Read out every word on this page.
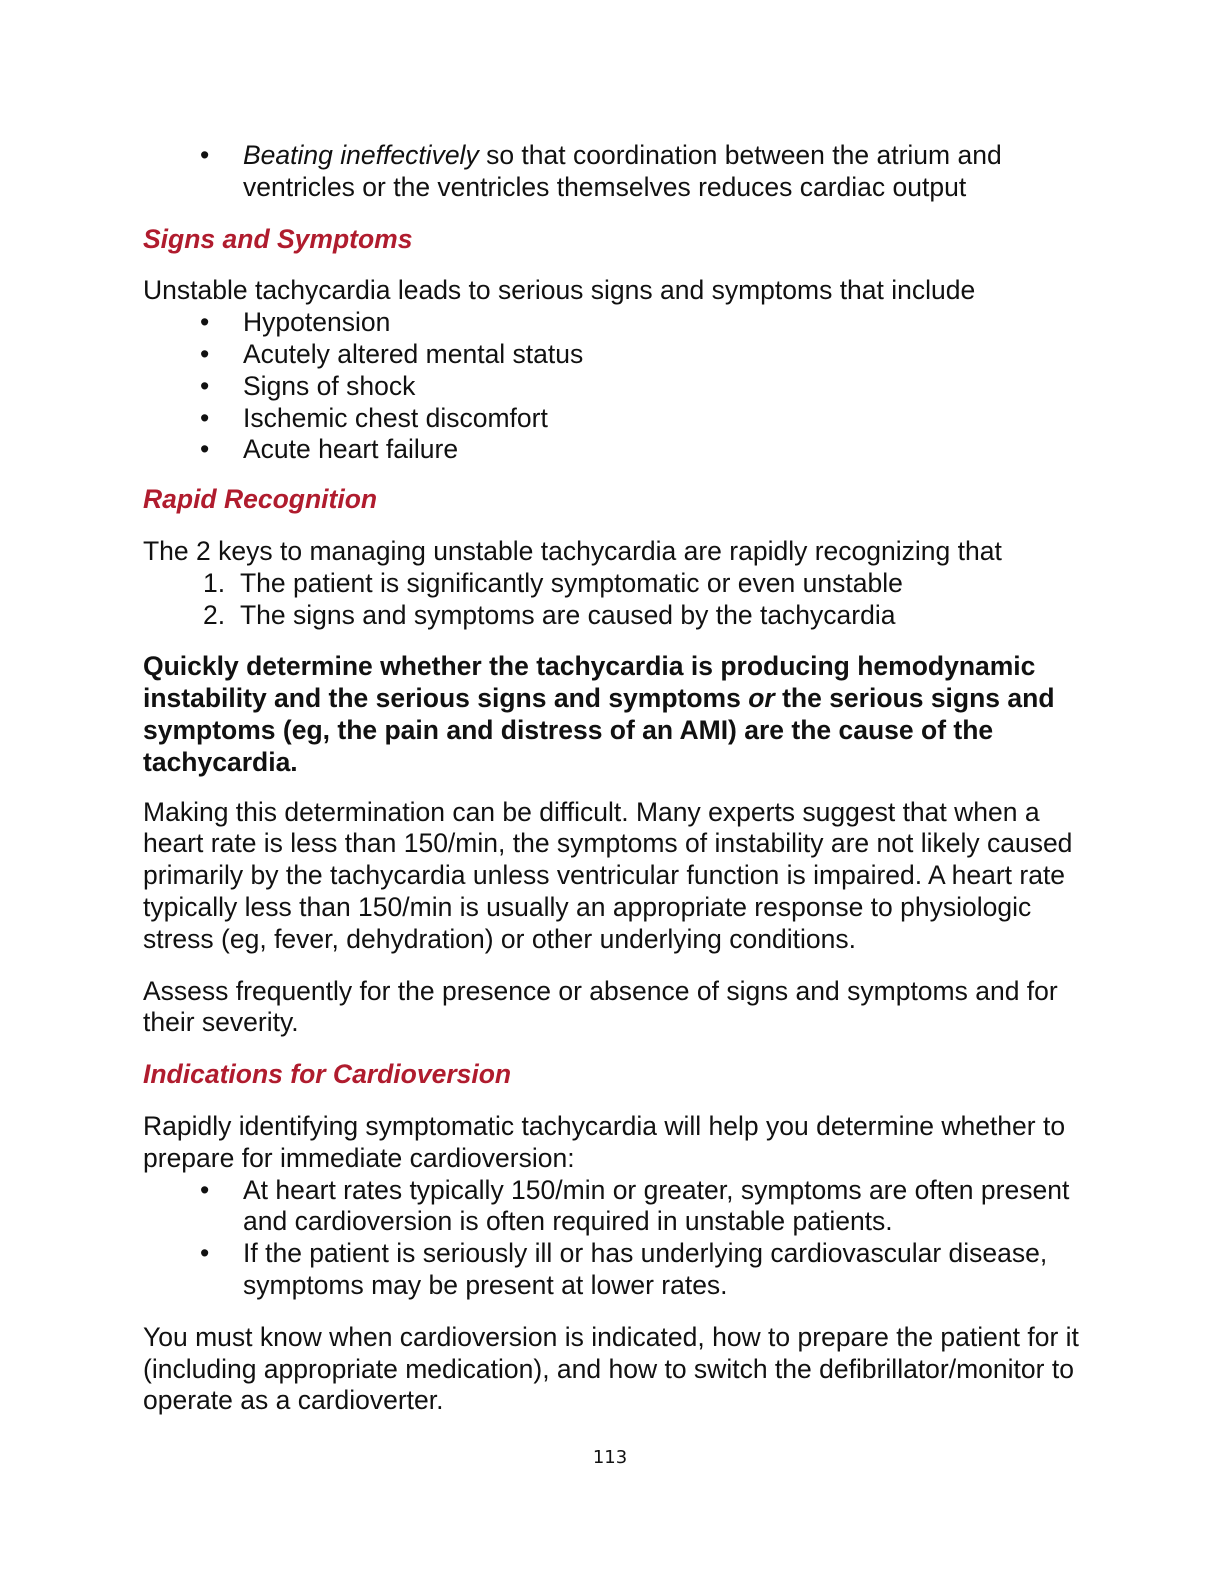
• Beating ineffectively so that coordination between the atrium and
ventricles or the ventricles themselves reduces cardiac output
Signs and Symptoms

Unstable tachycardia leads to serious signs and symptoms that include

• Hypotension
• Acutely altered mental status
• Signs of shock
• Ischemic chest discomfort
• Acute heart failure
Rapid Recognition

The 2 keys to managing unstable tachycardia are rapidly recognizing that

1. The patient is significantly symptomatic or even unstable
2. The signs and symptoms are caused by the tachycardia

Quickly determine whether the tachycardia is producing hemodynamic instability and the serious signs and symptoms or the serious signs and symptoms (eg, the pain and distress of an AMI) are the cause of the tachycardia.

Making this determination can be difficult. Many experts suggest that when a heart rate is less than 150/min, the symptoms of instability are not likely caused primarily by the tachycardia unless ventricular function is impaired. A heart rate typically less than 150/min is usually an appropriate response to physiologic stress (eg, fever, dehydration) or other underlying conditions.

Assess frequently for the presence or absence of signs and symptoms and for their severity.

Indications for Cardioversion

Rapidly identifying symptomatic tachycardia will help you determine whether to prepare for immediate cardioversion:

• At heart rates typically 150/min or greater, symptoms are often present and cardioversion is often required in unstable patients.
• If the patient is seriously ill or has underlying cardiovascular disease, symptoms may be present at lower rates.

You must know when cardioversion is indicated, how to prepare the patient for it (including appropriate medication), and how to switch the defibrillator/monitor to operate as a cardioverter.

113
